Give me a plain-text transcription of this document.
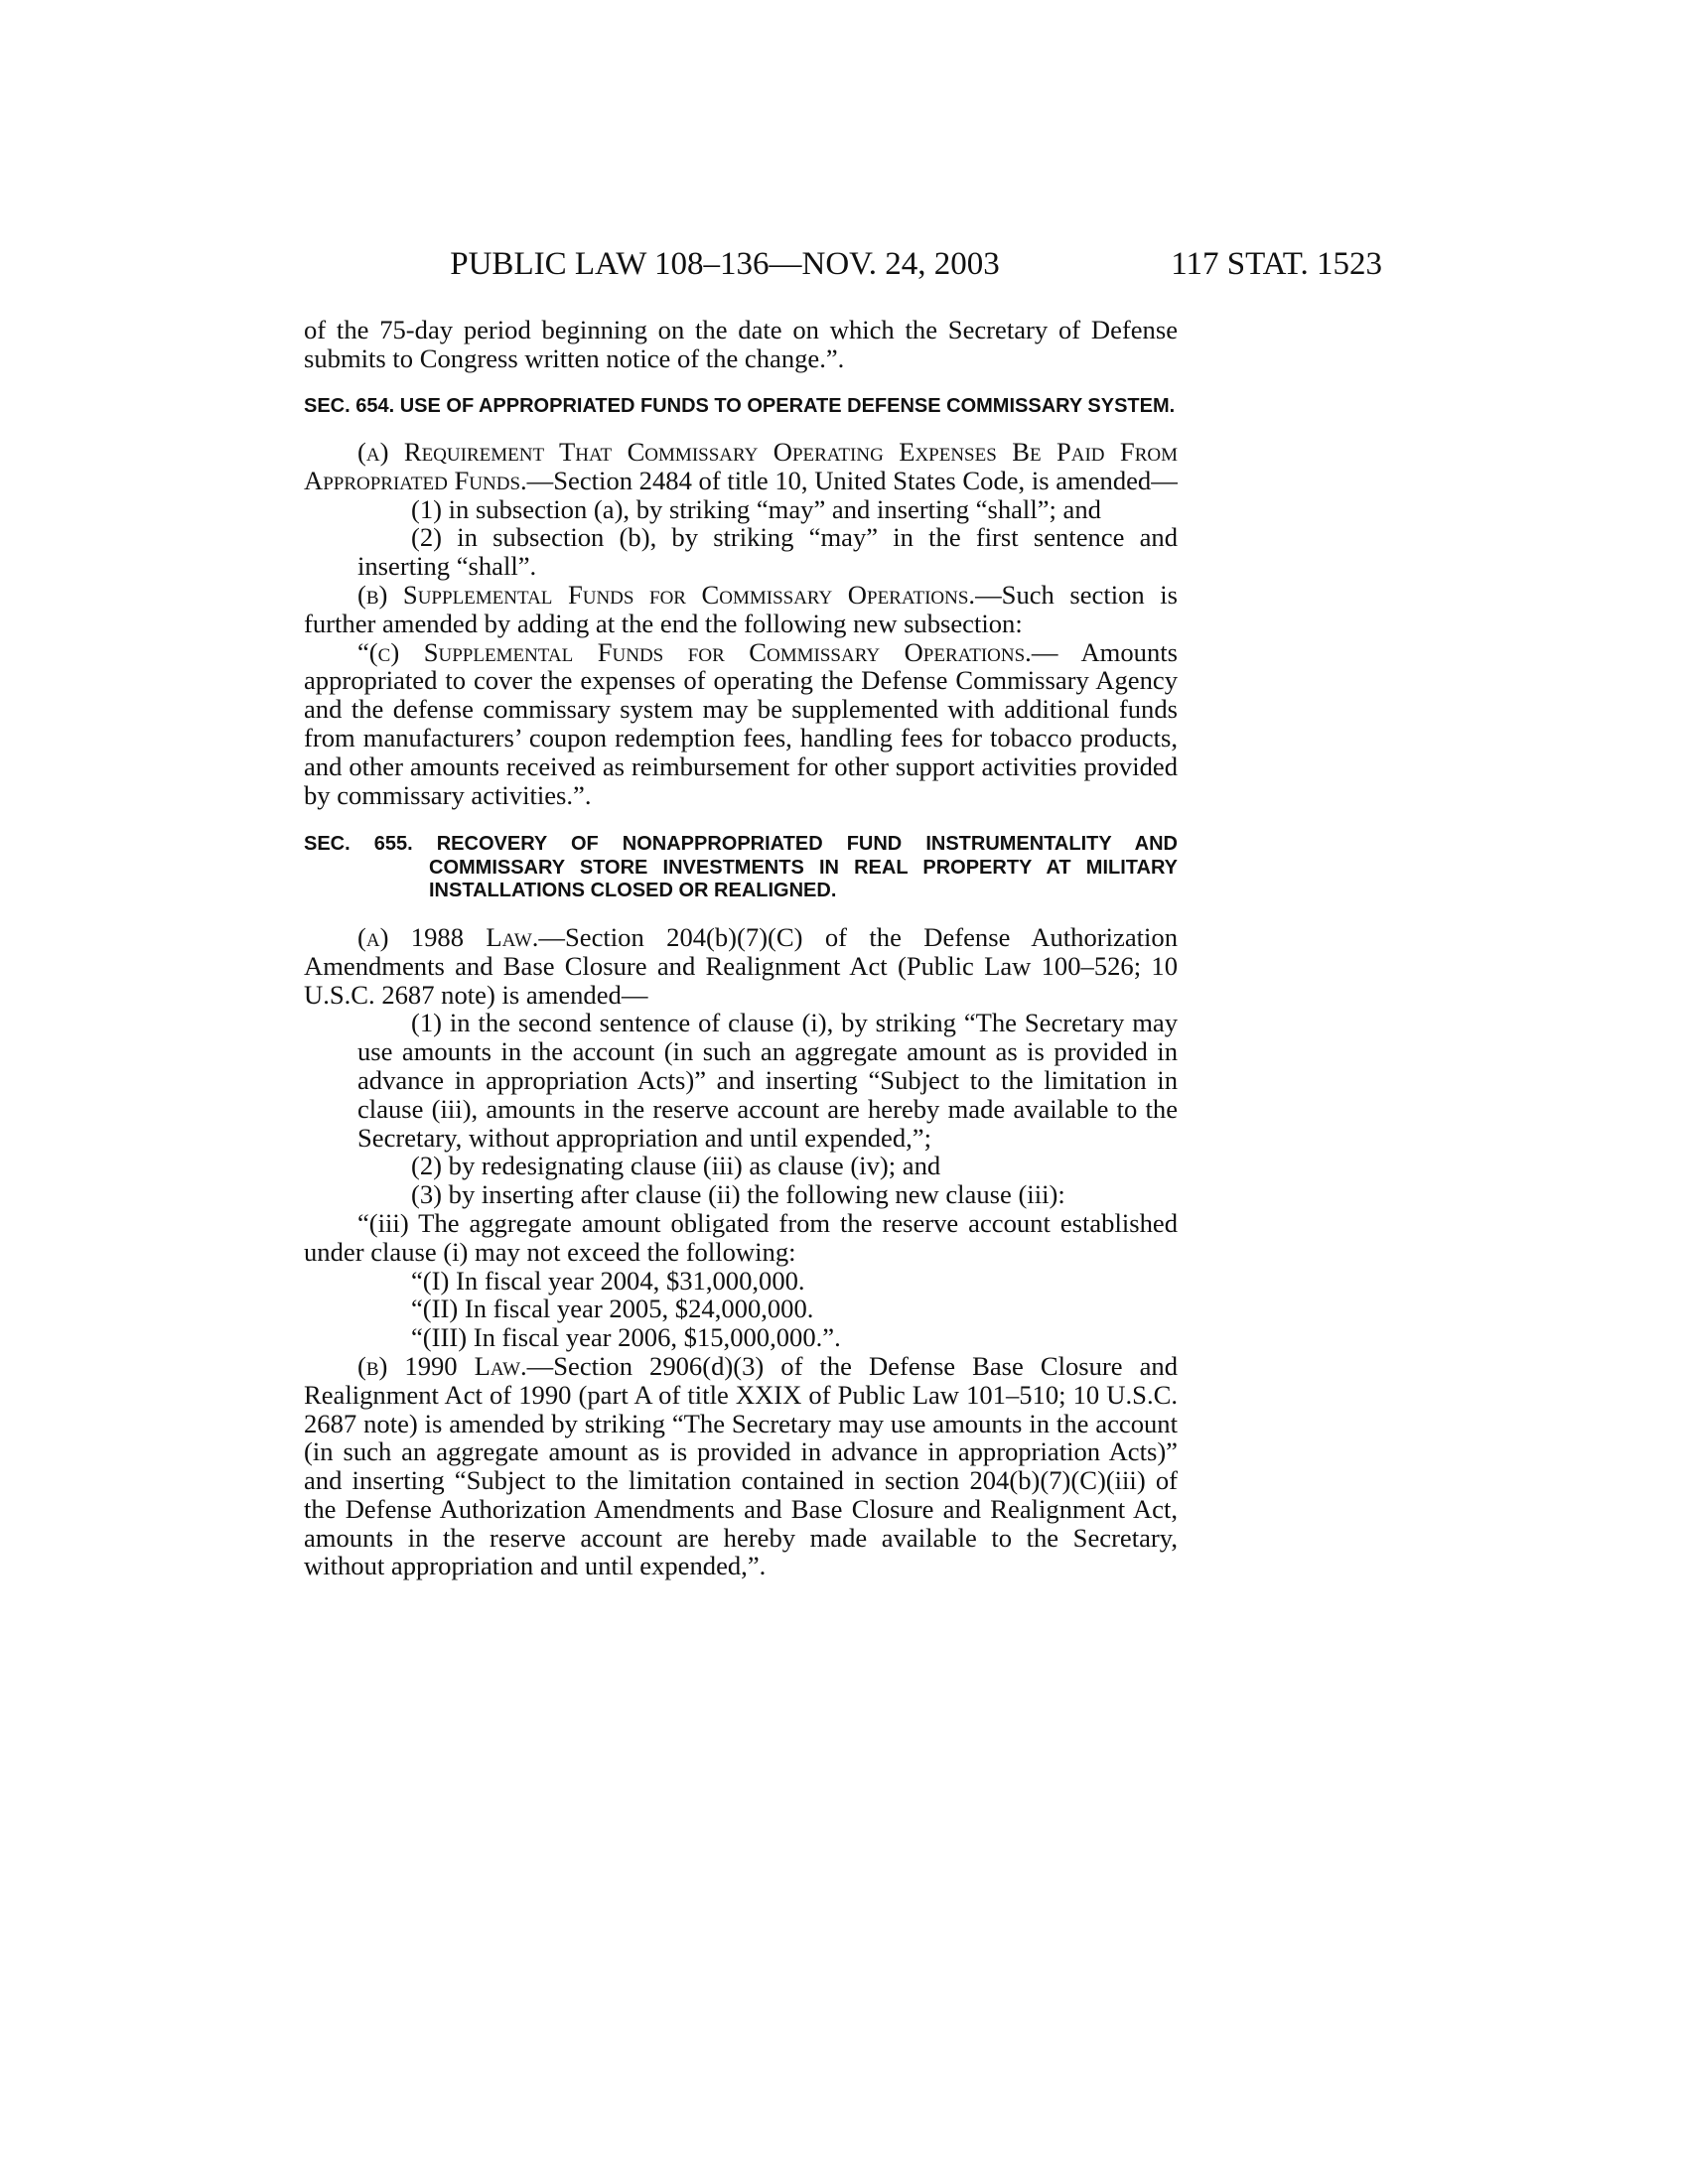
PUBLIC LAW 108–136—NOV. 24, 2003	117 STAT. 1523

of the 75-day period beginning on the date on which the Secretary of Defense submits to Congress written notice of the change.”.

SEC. 654. USE OF APPROPRIATED FUNDS TO OPERATE DEFENSE COMMISSARY SYSTEM.

(a) Requirement That Commissary Operating Expenses Be Paid From Appropriated Funds.—Section 2484 of title 10, United States Code, is amended—

(1) in subsection (a), by striking “may” and inserting “shall”; and

(2) in subsection (b), by striking “may” in the first sentence and inserting “shall”.

(b) Supplemental Funds for Commissary Operations.—Such section is further amended by adding at the end the following new subsection:

“(c) Supplemental Funds for Commissary Operations.— Amounts appropriated to cover the expenses of operating the Defense Commissary Agency and the defense commissary system may be supplemented with additional funds from manufacturers’ coupon redemption fees, handling fees for tobacco products, and other amounts received as reimbursement for other support activities provided by commissary activities.”.

SEC. 655. RECOVERY OF NONAPPROPRIATED FUND INSTRUMENTALITY AND COMMISSARY STORE INVESTMENTS IN REAL PROPERTY AT MILITARY INSTALLATIONS CLOSED OR REALIGNED.

(a) 1988 Law.—Section 204(b)(7)(C) of the Defense Authorization Amendments and Base Closure and Realignment Act (Public Law 100–526; 10 U.S.C. 2687 note) is amended—

(1) in the second sentence of clause (i), by striking “The Secretary may use amounts in the account (in such an aggregate amount as is provided in advance in appropriation Acts)” and inserting “Subject to the limitation in clause (iii), amounts in the reserve account are hereby made available to the Secretary, without appropriation and until expended,”;

(2) by redesignating clause (iii) as clause (iv); and

(3) by inserting after clause (ii) the following new clause (iii):

“(iii) The aggregate amount obligated from the reserve account established under clause (i) may not exceed the following:

“(I) In fiscal year 2004, $31,000,000.

“(II) In fiscal year 2005, $24,000,000.

“(III) In fiscal year 2006, $15,000,000.”.

(b) 1990 Law.—Section 2906(d)(3) of the Defense Base Closure and Realignment Act of 1990 (part A of title XXIX of Public Law 101–510; 10 U.S.C. 2687 note) is amended by striking “The Secretary may use amounts in the account (in such an aggregate amount as is provided in advance in appropriation Acts)” and inserting “Subject to the limitation contained in section 204(b)(7)(C)(iii) of the Defense Authorization Amendments and Base Closure and Realignment Act, amounts in the reserve account are hereby made available to the Secretary, without appropriation and until expended,”.
